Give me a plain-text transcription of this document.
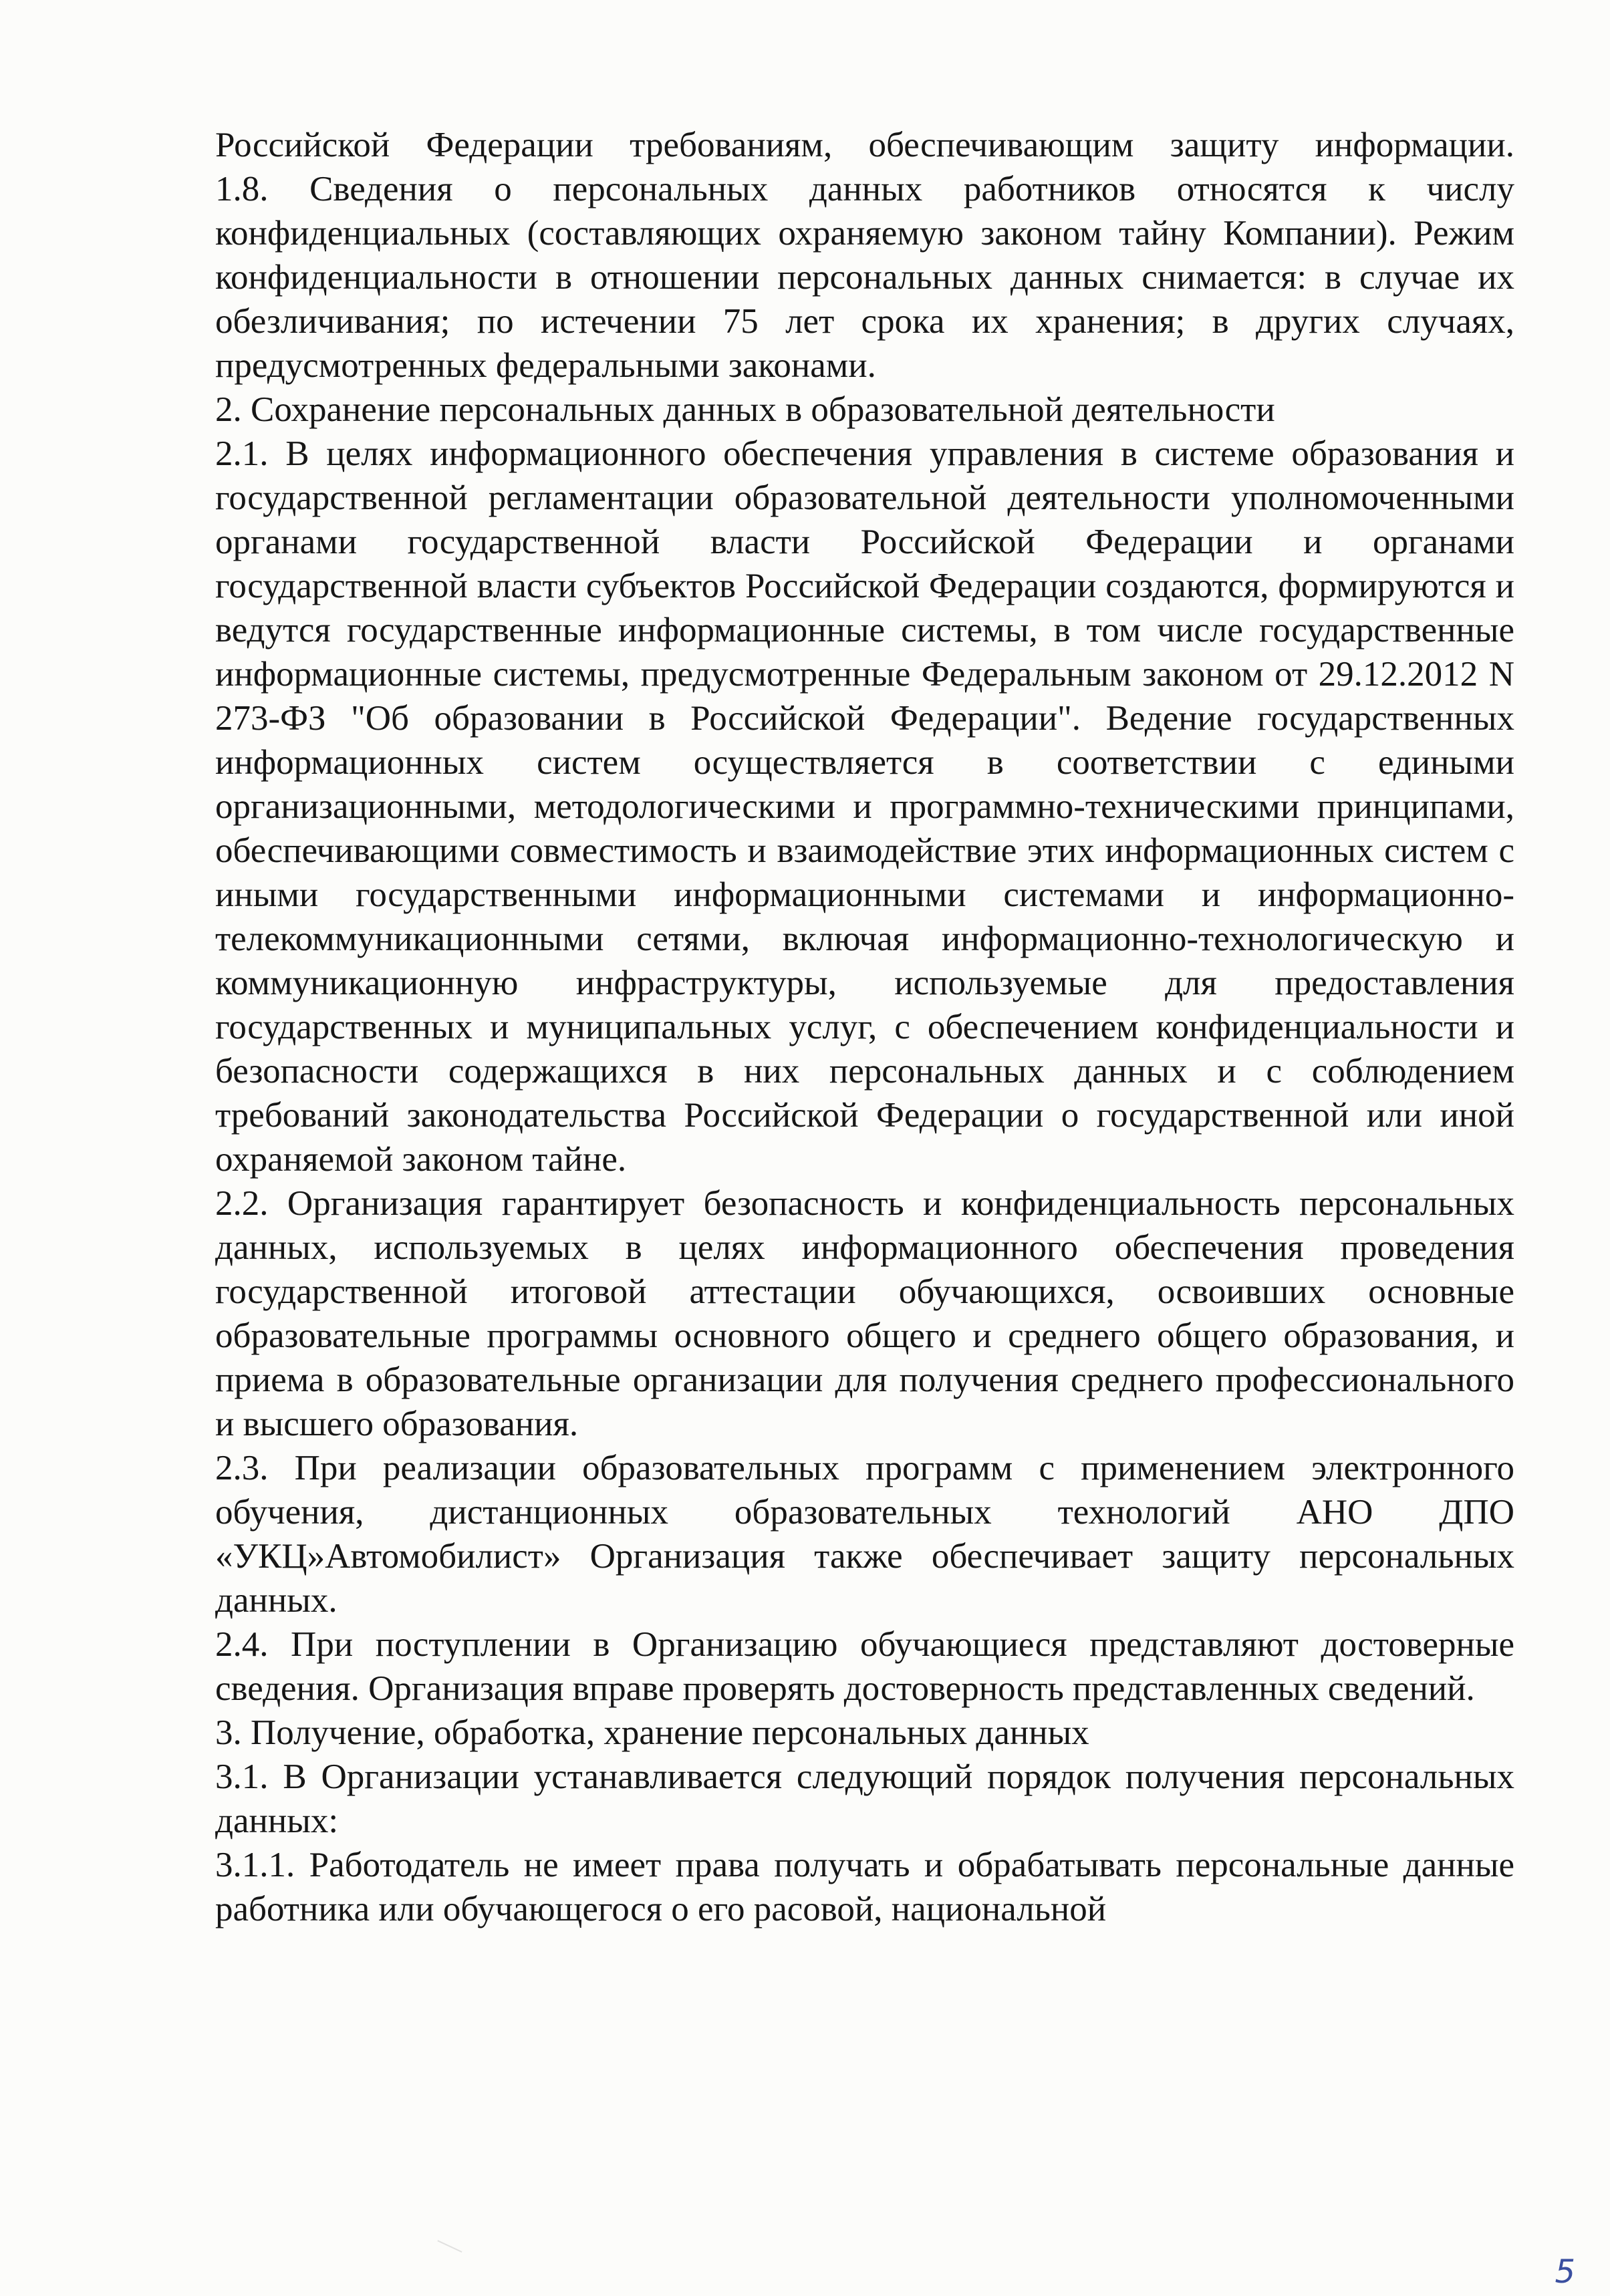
Российской Федерации требованиям, обеспечивающим защиту информации.

1.8. Сведения о персональных данных работников относятся к числу конфиденциальных (составляющих охраняемую законом тайну Компании). Режим конфиденциальности в отношении персональных данных снимается: в случае их обезличивания; по истечении 75 лет срока их хранения; в других случаях, предусмотренных федеральными законами.

2. Сохранение персональных данных в образовательной деятельности

2.1. В целях информационного обеспечения управления в системе образования и государственной регламентации образовательной деятельности уполномоченными органами государственной власти Российской Федерации и органами государственной власти субъектов Российской Федерации создаются, формируются и ведутся государственные информационные системы, в том числе государственные информационные системы, предусмотренные Федеральным законом от 29.12.2012 N 273-ФЗ "Об образовании в Российской Федерации". Ведение государственных информационных систем осуществляется в соответствии с едиными организационными, методологическими и программно-техническими принципами, обеспечивающими совместимость и взаимодействие этих информационных систем с иными государственными информационными системами и информационно-телекоммуникационными сетями, включая информационно-технологическую и коммуникационную инфраструктуры, используемые для предоставления государственных и муниципальных услуг, с обеспечением конфиденциальности и безопасности содержащихся в них персональных данных и с соблюдением требований законодательства Российской Федерации о государственной или иной охраняемой законом тайне.

2.2. Организация гарантирует безопасность и конфиденциальность персональных данных, используемых в целях информационного обеспечения проведения государственной итоговой аттестации обучающихся, освоивших основные образовательные программы основного общего и среднего общего образования, и приема в образовательные организации для получения среднего профессионального и высшего образования.

2.3. При реализации образовательных программ с применением электронного обучения, дистанционных образовательных технологий АНО ДПО «УКЦ»Автомобилист» Организация также обеспечивает защиту персональных данных.

2.4. При поступлении в Организацию обучающиеся представляют достоверные сведения. Организация вправе проверять достоверность представленных сведений.

3. Получение, обработка, хранение персональных данных

3.1. В Организации устанавливается следующий порядок получения персональных данных:

3.1.1. Работодатель не имеет права получать и обрабатывать персональные данные работника или обучающегося о его расовой, национальной

5
